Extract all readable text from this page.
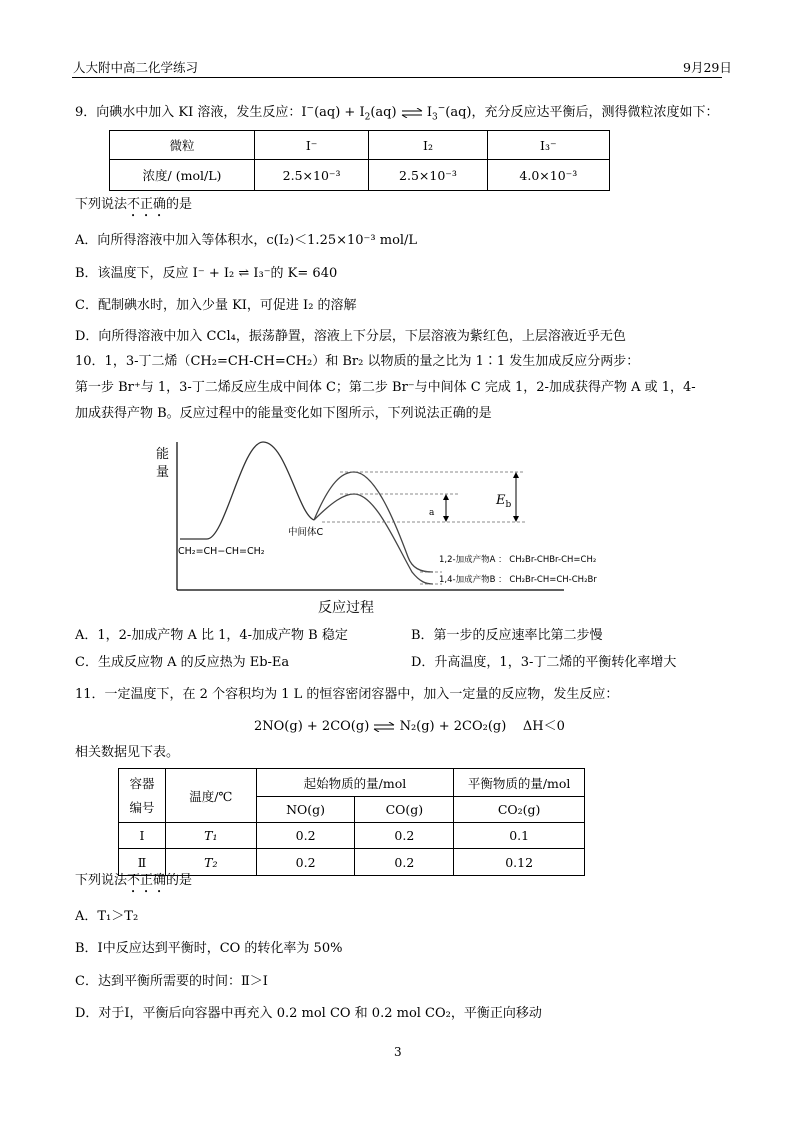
人大附中高二化学练习	9月29日
9．向碘水中加入 KI 溶液，发生反应：$I^-(aq) + I_2(aq)$ ⇌ $I_3^-(aq)$，充分反应达平衡后，测得微粒浓度如下：
微粒	I⁻	I₂	I₃⁻
浓度/ (mol/L)	2.5×10⁻³	2.5×10⁻³	4.0×10⁻³
下列说法不正确的是
A．向所得溶液中加入等体积水，c(I₂)＜1.25×10⁻³ mol/L
B．该温度下，反应 I⁻ + I₂ ⇌ I₃⁻的 K= 640
C．配制碘水时，加入少量 KI，可促进 I₂ 的溶解
D．向所得溶液中加入 CCl₄，振荡静置，溶液上下分层，下层溶液为紫红色，上层溶液近乎无色
10．1，3-丁二烯（CH₂=CH-CH=CH₂）和 Br₂ 以物质的量之比为 1∶1 发生加成反应分两步：
第一步 Br⁺与 1，3-丁二烯反应生成中间体 C；第二步 Br⁻与中间体 C 完成 1，2-加成获得产物 A 或 1，4-
加成获得产物 B。反应过程中的能量变化如下图所示，下列说法正确的是
能量
反应过程
$_a$
$E_b$
CH₂=CH−CH=CH₂
中间体C
1,2-加成产物A ： CH₂Br-CHBr-CH=CH₂
1,4-加成产物B ： CH₂Br-CH=CH-CH₂Br
A．1，2-加成产物 A 比 1，4-加成产物 B 稳定	B．第一步的反应速率比第二步慢
C．生成反应物 A 的反应热为 Eb-Ea	D．升高温度，1，3-丁二烯的平衡转化率增大
11．一定温度下，在 2 个容积均为 1 L 的恒容密闭容器中，加入一定量的反应物，发生反应：
2NO(g) + 2CO(g) ⇌ N₂(g) + 2CO₂(g)    ΔH＜0
相关数据见下表。
容器编号	温度/℃	起始物质的量/mol		平衡物质的量/mol
		NO(g)	CO(g)	CO₂(g)
Ⅰ	T₁	0.2	0.2	0.1
Ⅱ	T₂	0.2	0.2	0.12
下列说法不正确的是
A．T₁＞T₂
B．Ⅰ中反应达到平衡时，CO 的转化率为 50%
C．达到平衡所需要的时间：Ⅱ＞Ⅰ
D．对于Ⅰ，平衡后向容器中再充入 0.2 mol CO 和 0.2 mol CO₂，平衡正向移动
3
